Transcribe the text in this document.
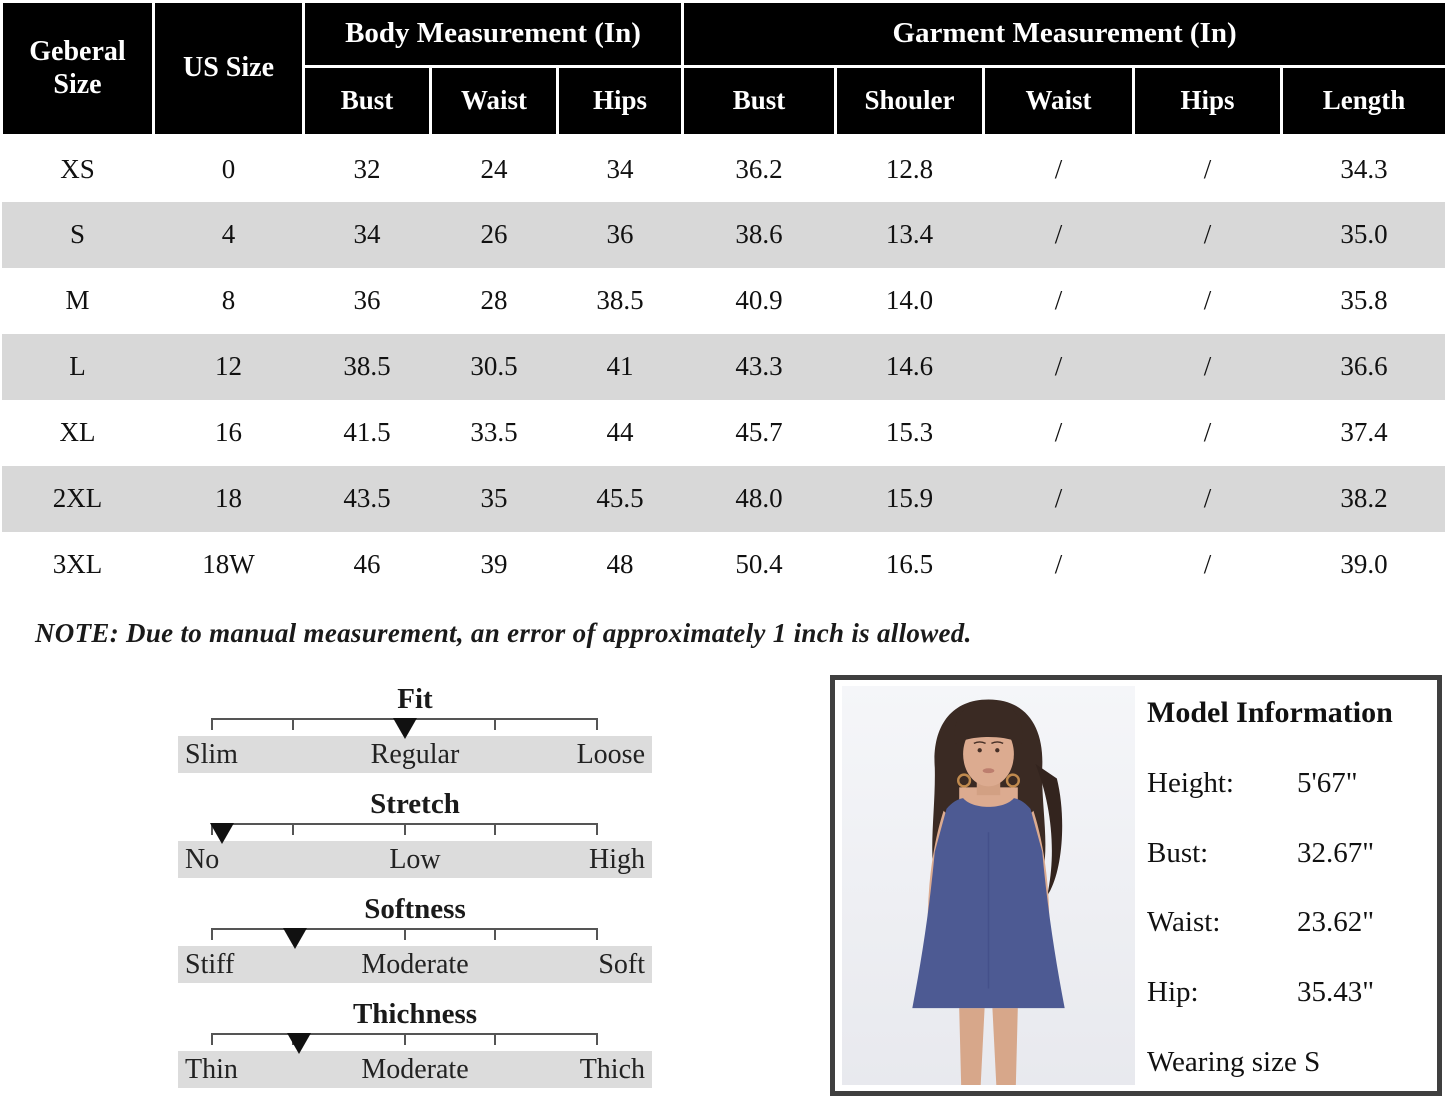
Geberal Size	US Size	Body Measurement (In)			Garment Measurement (In)				
		Bust	Waist	Hips	Bust	Shouler	Waist	Hips	Length
XS	0	32	24	34	36.2	12.8	/	/	34.3
S	4	34	26	36	38.6	13.4	/	/	35.0
M	8	36	28	38.5	40.9	14.0	/	/	35.8
L	12	38.5	30.5	41	43.3	14.6	/	/	36.6
XL	16	41.5	33.5	44	45.7	15.3	/	/	37.4
2XL	18	43.5	35	45.5	48.0	15.9	/	/	38.2
3XL	18W	46	39	48	50.4	16.5	/	/	39.0
NOTE: Due to manual measurement, an error of approximately 1 inch is allowed.
Fit
Slim	Regular	Loose
Stretch
No	Low	High
Softness
Stiff	Moderate	Soft
Thichness
Thin	Moderate	Thich
Model Information
Height:	5'67"
Bust:	32.67"
Waist:	23.62"
Hip:	35.43"
Wearing size S
